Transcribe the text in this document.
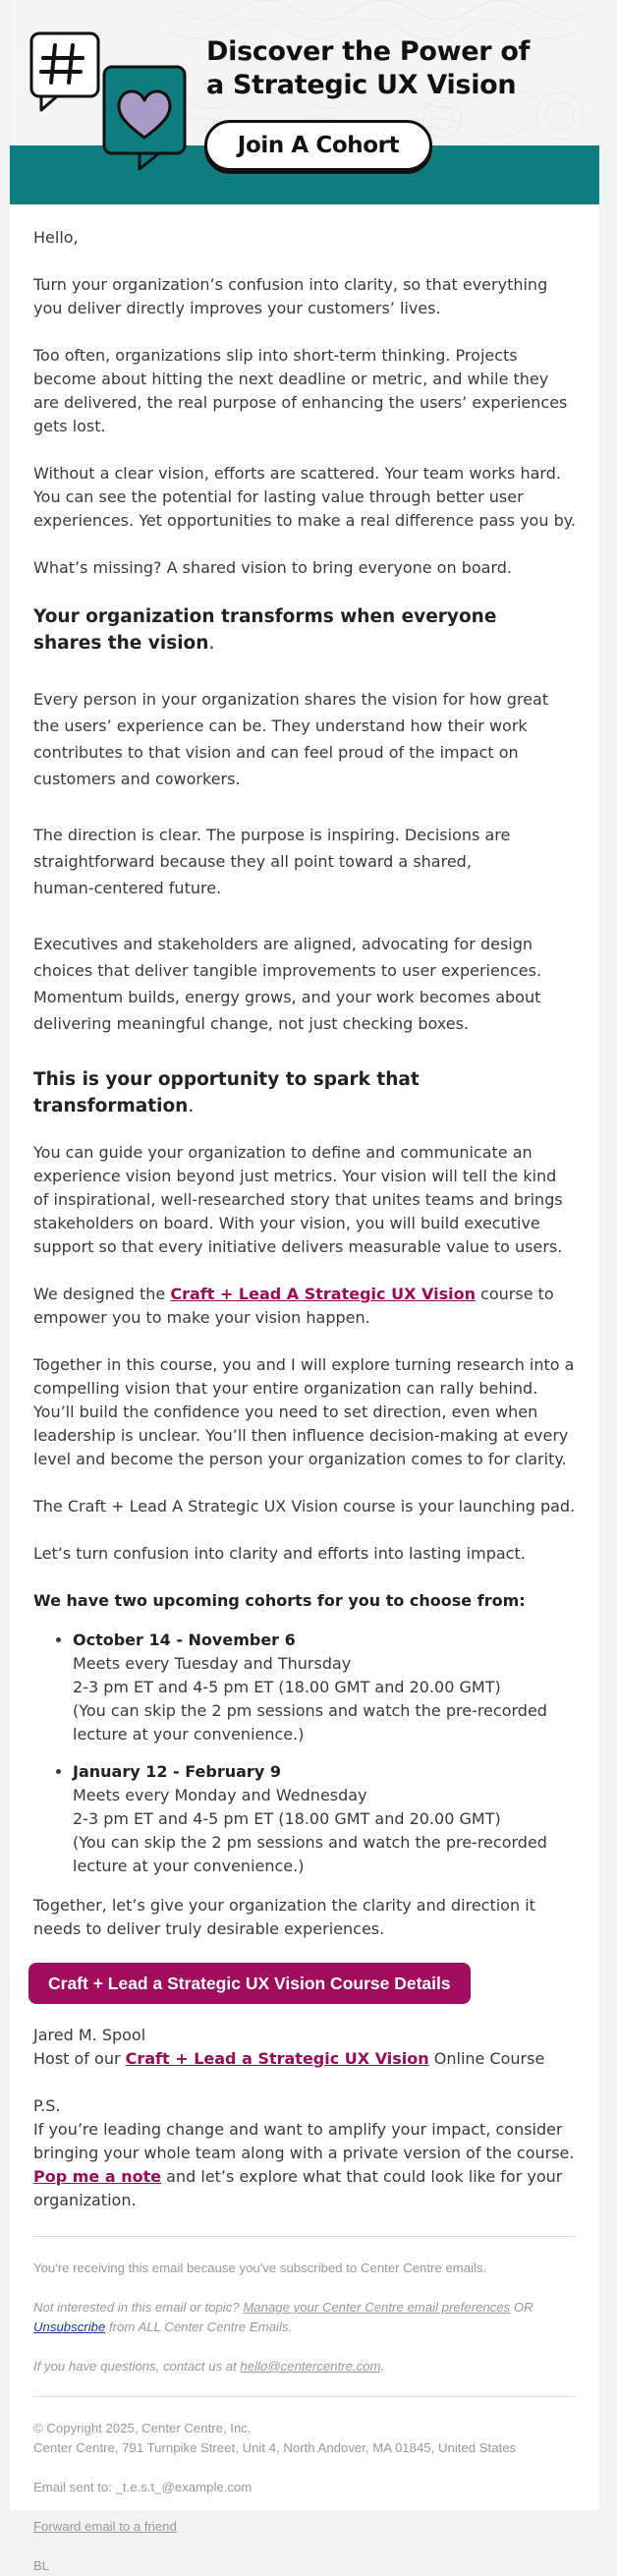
Discover the Power of
a Strategic UX Vision
Join A Cohort

Hello,

Turn your organization’s confusion into clarity, so that everything you deliver directly improves your customers’ lives.

Too often, organizations slip into short-term thinking. Projects become about hitting the next deadline or metric, and while they are delivered, the real purpose of enhancing the users’ experiences gets lost.

Without a clear vision, efforts are scattered. Your team works hard. You can see the potential for lasting value through better user experiences. Yet opportunities to make a real difference pass you by.

What’s missing? A shared vision to bring everyone on board.

Your organization transforms when everyone shares the vision.

Every person in your organization shares the vision for how great the users’ experience can be. They understand how their work contributes to that vision and can feel proud of the impact on customers and coworkers.

The direction is clear. The purpose is inspiring. Decisions are straightforward because they all point toward a shared, human-centered future.

Executives and stakeholders are aligned, advocating for design choices that deliver tangible improvements to user experiences. Momentum builds, energy grows, and your work becomes about delivering meaningful change, not just checking boxes.

This is your opportunity to spark that transformation.

You can guide your organization to define and communicate an experience vision beyond just metrics. Your vision will tell the kind of inspirational, well-researched story that unites teams and brings stakeholders on board. With your vision, you will build executive support so that every initiative delivers measurable value to users.

We designed the Craft + Lead A Strategic UX Vision course to empower you to make your vision happen.

Together in this course, you and I will explore turning research into a compelling vision that your entire organization can rally behind. You’ll build the confidence you need to set direction, even when leadership is unclear. You’ll then influence decision-making at every level and become the person your organization comes to for clarity.

The Craft + Lead A Strategic UX Vision course is your launching pad.

Let’s turn confusion into clarity and efforts into lasting impact.

We have two upcoming cohorts for you to choose from:

• October 14 - November 6
Meets every Tuesday and Thursday
2-3 pm ET and 4-5 pm ET (18.00 GMT and 20.00 GMT)
(You can skip the 2 pm sessions and watch the pre-recorded lecture at your convenience.)
• January 12 - February 9
Meets every Monday and Wednesday
2-3 pm ET and 4-5 pm ET (18.00 GMT and 20.00 GMT)
(You can skip the 2 pm sessions and watch the pre-recorded lecture at your convenience.)

Together, let’s give your organization the clarity and direction it needs to deliver truly desirable experiences.

Craft + Lead a Strategic UX Vision Course Details

Jared M. Spool
Host of our Craft + Lead a Strategic UX Vision Online Course

P.S.
If you’re leading change and want to amplify your impact, consider bringing your whole team along with a private version of the course. Pop me a note and let’s explore what that could look like for your organization.

You're receiving this email because you've subscribed to Center Centre emails.

Not interested in this email or topic? Manage your Center Centre email preferences OR Unsubscribe from ALL Center Centre Emails.

If you have questions, contact us at hello@centercentre.com.

© Copyright 2025, Center Centre, Inc.
Center Centre, 791 Turnpike Street, Unit 4, North Andover, MA 01845, United States

Email sent to: _t.e.s.t_@example.com

Forward email to a friend

BL
